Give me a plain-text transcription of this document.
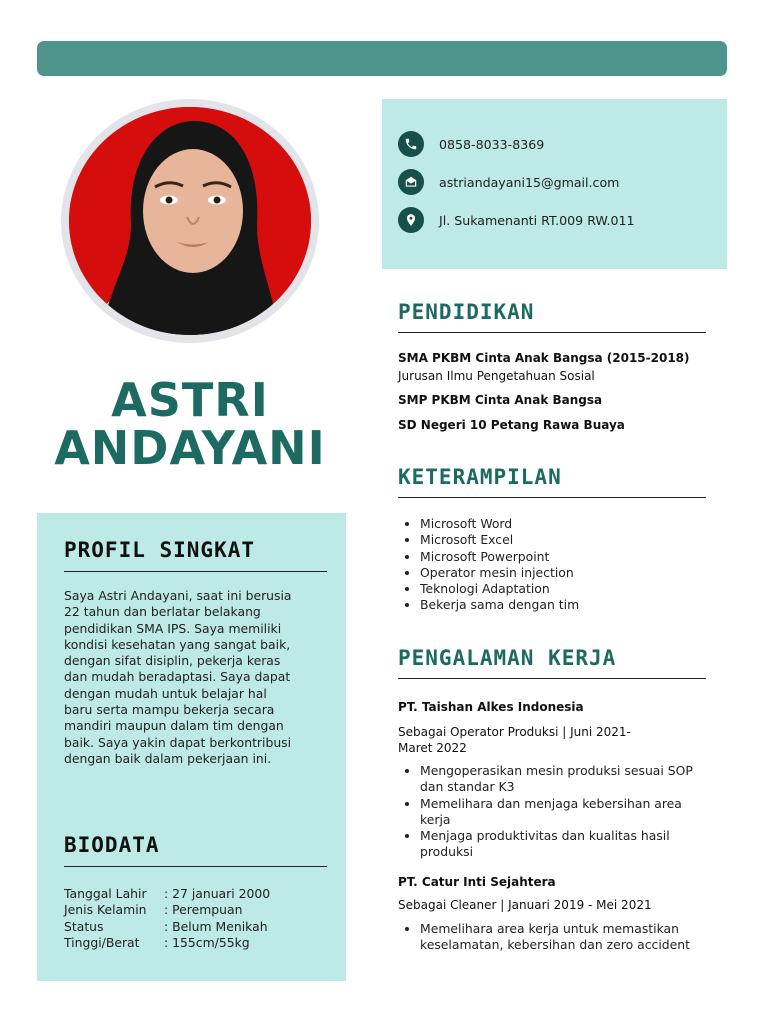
ASTRI
ANDAYANI
PROFIL SINGKAT

Saya Astri Andayani, saat ini berusia 22 tahun dan berlatar belakang pendidikan SMA IPS. Saya memiliki kondisi kesehatan yang sangat baik, dengan sifat disiplin, pekerja keras dan mudah beradaptasi. Saya dapat dengan mudah untuk belajar hal baru serta mampu bekerja secara mandiri maupun dalam tim dengan baik. Saya yakin dapat berkontribusi dengan baik dalam pekerjaan ini.

BIODATA
Tanggal Lahir	: 27 januari 2000
Jenis Kelamin	: Perempuan
Status	: Belum Menikah
Tinggi/Berat	: 155cm/55kg
0858-8033-8369
astriandayani15@gmail.com
Jl. Sukamenanti RT.009 RW.011
PENDIDIKAN
SMA PKBM Cinta Anak Bangsa (2015-2018)
Jurusan Ilmu Pengetahuan Sosial
SMP PKBM Cinta Anak Bangsa
SD Negeri 10 Petang Rawa Buaya
KETERAMPILAN
• Microsoft Word
• Microsoft Excel
• Microsoft Powerpoint
• Operator mesin injection
• Teknologi Adaptation
• Bekerja sama dengan tim
PENGALAMAN KERJA
PT. Taishan Alkes Indonesia
Sebagai Operator Produksi | Juni 2021- Maret 2022
• Mengoperasikan mesin produksi sesuai SOP dan standar K3
• Memelihara dan menjaga kebersihan area kerja
• Menjaga produktivitas dan kualitas hasil produksi
PT. Catur Inti Sejahtera
Sebagai Cleaner | Januari 2019 - Mei 2021
• Memelihara area kerja untuk memastikan keselamatan, kebersihan dan zero accident
